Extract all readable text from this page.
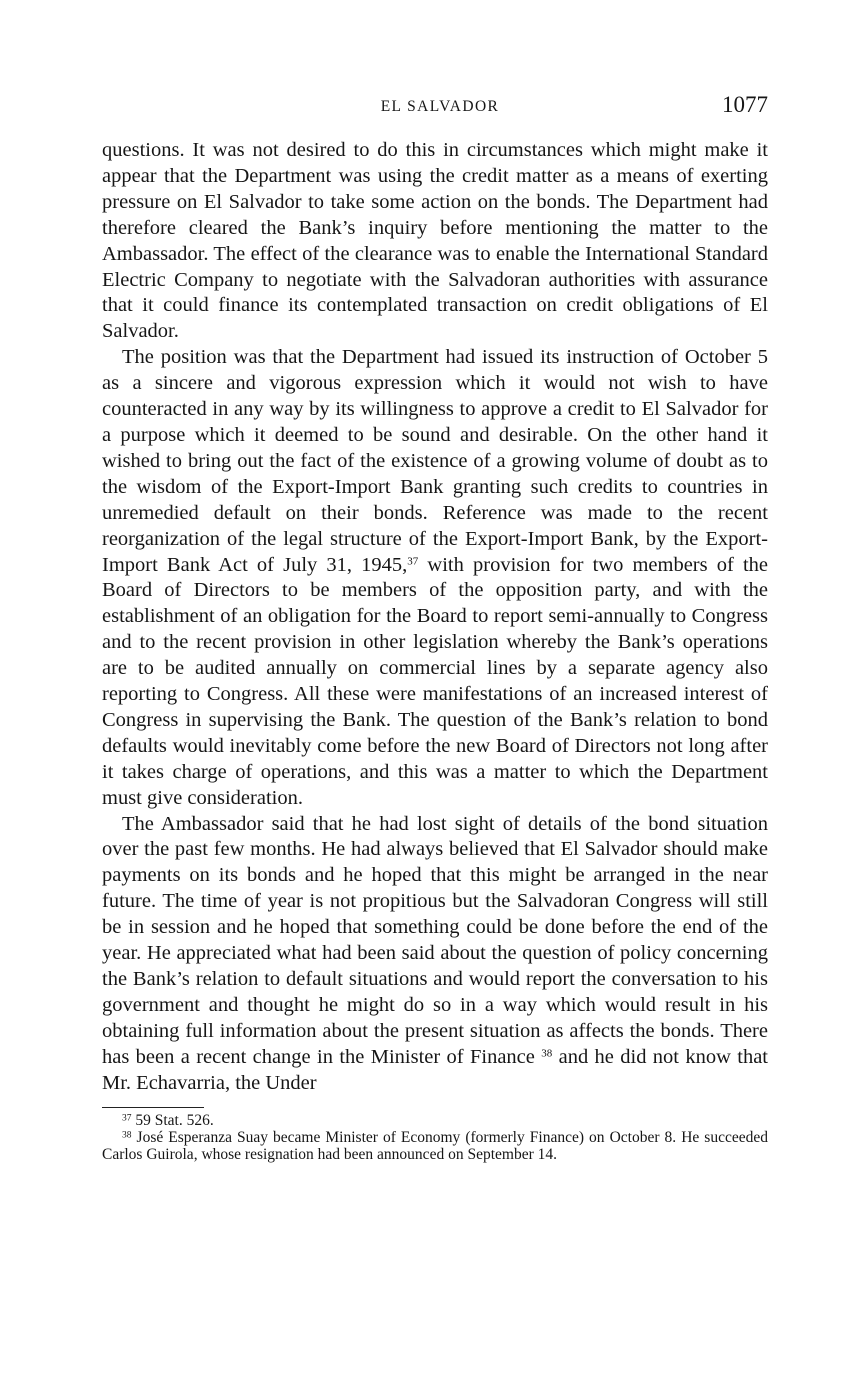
EL SALVADOR	1077

questions. It was not desired to do this in circumstances which might make it appear that the Department was using the credit matter as a means of exerting pressure on El Salvador to take some action on the bonds. The Department had therefore cleared the Bank’s inquiry before mentioning the matter to the Ambassador. The effect of the clearance was to enable the International Standard Electric Company to negotiate with the Salvadoran authorities with assurance that it could finance its contemplated transaction on credit obligations of El Salvador.

The position was that the Department had issued its instruction of October 5 as a sincere and vigorous expression which it would not wish to have counteracted in any way by its willingness to approve a credit to El Salvador for a purpose which it deemed to be sound and desirable. On the other hand it wished to bring out the fact of the existence of a growing volume of doubt as to the wisdom of the Export-Import Bank granting such credits to countries in unremedied default on their bonds. Reference was made to the recent reorganization of the legal structure of the Export-Import Bank, by the Export-Import Bank Act of July 31, 1945,37 with provision for two members of the Board of Directors to be members of the opposition party, and with the establishment of an obligation for the Board to report semi-annually to Congress and to the recent provision in other legislation whereby the Bank’s operations are to be audited annually on commercial lines by a separate agency also reporting to Congress. All these were manifestations of an increased interest of Congress in supervising the Bank. The question of the Bank’s relation to bond defaults would inevitably come before the new Board of Directors not long after it takes charge of operations, and this was a matter to which the Department must give consideration.

The Ambassador said that he had lost sight of details of the bond situation over the past few months. He had always believed that El Salvador should make payments on its bonds and he hoped that this might be arranged in the near future. The time of year is not propitious but the Salvadoran Congress will still be in session and he hoped that something could be done before the end of the year. He appreciated what had been said about the question of policy concerning the Bank’s relation to default situations and would report the conversation to his government and thought he might do so in a way which would result in his obtaining full information about the present situation as affects the bonds. There has been a recent change in the Minister of Finance $^{38}$ and he did not know that Mr. Echavarria, the Under

$^{37}$ 59 Stat. 526.

$^{38}$ José Esperanza Suay became Minister of Economy (formerly Finance) on October 8. He succeeded Carlos Guirola, whose resignation had been announced on September 14.
